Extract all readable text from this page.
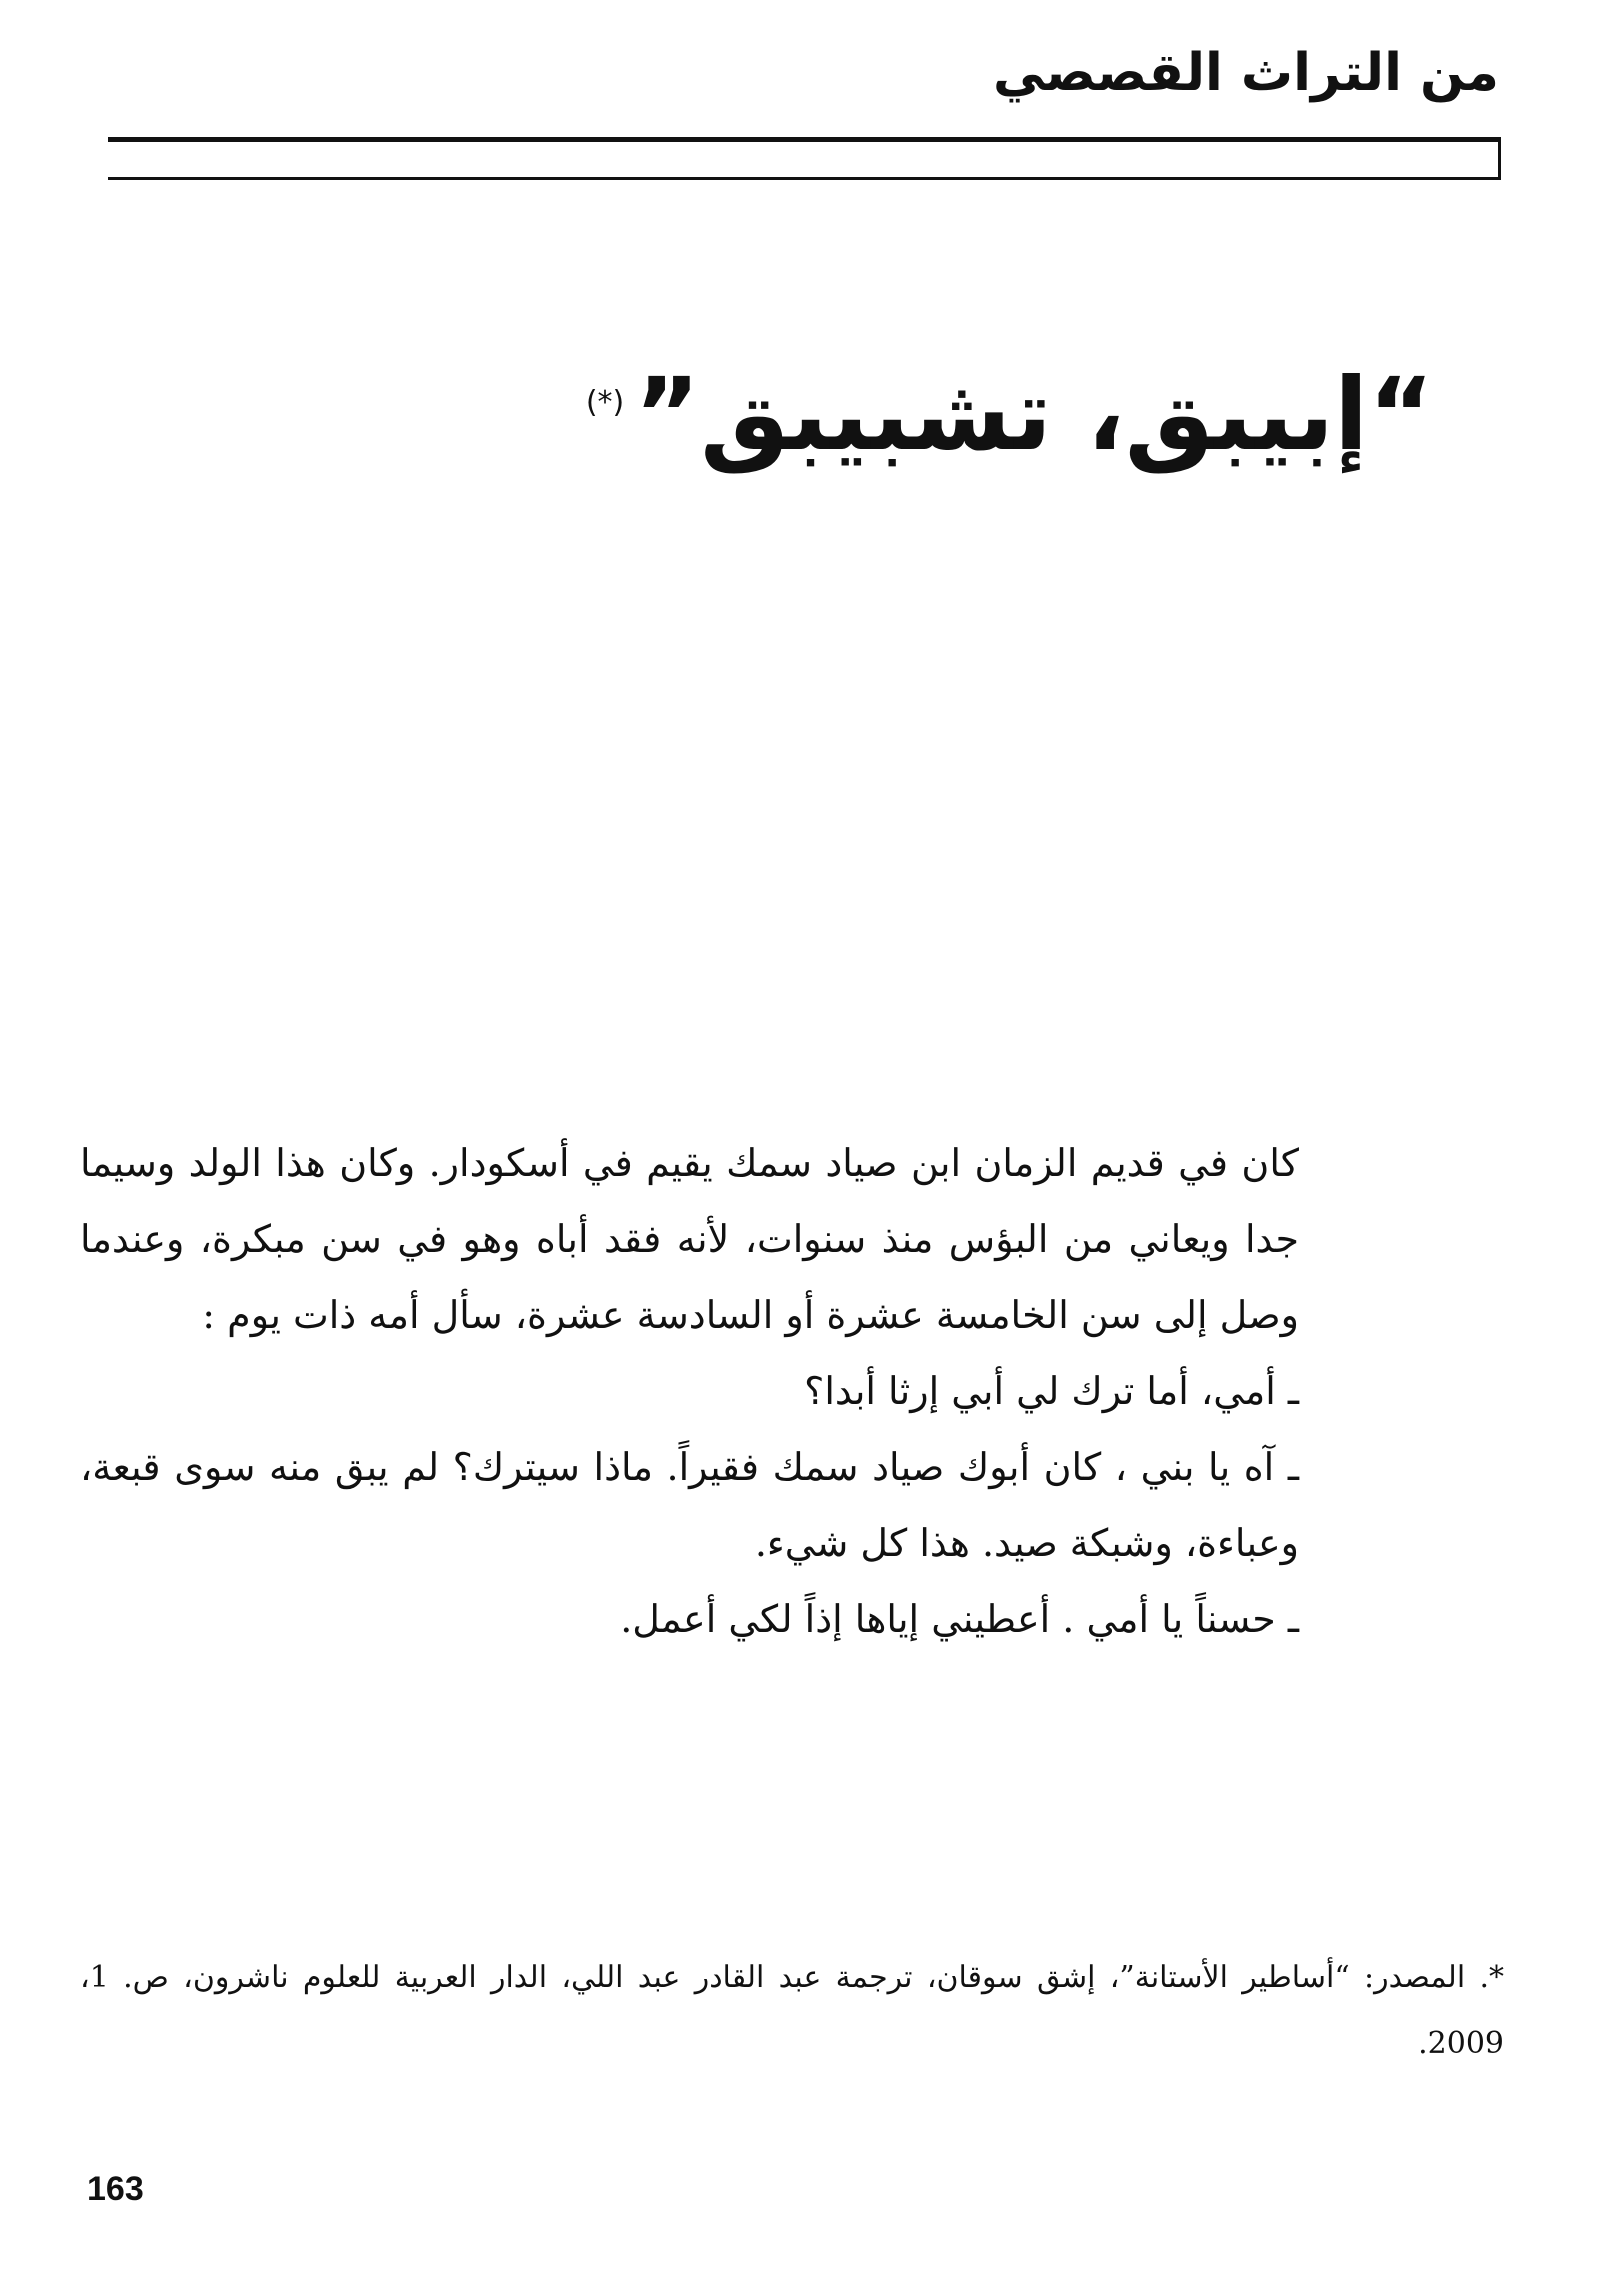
من التراث القصصي
“إبيبق، تشبيبق”(*)

كان في قديم الزمان ابن صياد سمك يقيم في أسكودار. وكان هذا الولد وسيما جدا ويعاني من البؤس منذ سنوات، لأنه فقد أباه وهو في سن مبكرة، وعندما وصل إلى سن الخامسة عشرة أو السادسة عشرة، سأل أمه ذات يوم :

ـ أمي، أما ترك لي أبي إرثا أبدا؟

ـ آه يا بني ، كان أبوك صياد سمك فقيراً. ماذا سيترك؟ لم يبق منه سوى قبعة، وعباءة، وشبكة صيد. هذا كل شيء.

ـ حسناً يا أمي . أعطيني إياها إذاً لكي أعمل.

*. المصدر: “أساطير الأستانة”، إشق سوقان، ترجمة عبد القادر عبد اللي، الدار العربية للعلوم ناشرون، ص. 1، 2009.
163
